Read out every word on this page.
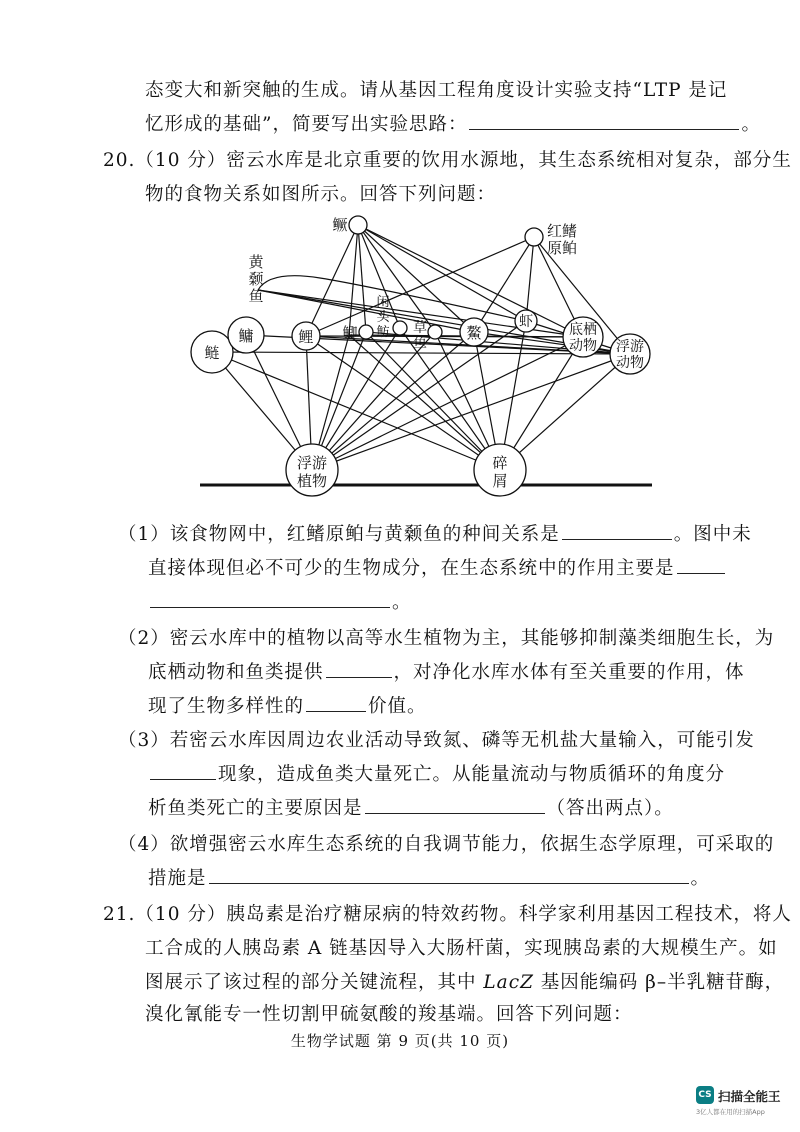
态变大和新突触的生成。请从基因工程角度设计实验支持“LTP 是记
忆形成的基础”，简要写出实验思路：	。
20.（10 分）密云水库是北京重要的饮用水源地，其生态系统相对复杂，部分生
物的食物关系如图所示。回答下列问题：
鳜	红鳍
原鲌
黄
颡
鱼
鲢
鳙	鲤 鲫
闲
头
鲂 草
鱼
鰲
虾	底栖
动物 浮游
动物
浮游
植物
碎
屑
（1）该食物网中，红鳍原鲌与黄颡鱼的种间关系是	。图中未
直接体现但必不可少的生物成分，在生态系统中的作用主要是
。
（2）密云水库中的植物以高等水生植物为主，其能够抑制藻类细胞生长，为
底栖动物和鱼类提供	，对净化水库水体有至关重要的作用，体
现了生物多样性的	价值。
（3）若密云水库因周边农业活动导致氮、磷等无机盐大量输入，可能引发
现象，造成鱼类大量死亡。从能量流动与物质循环的角度分
析鱼类死亡的主要原因是	（答出两点）。
（4）欲增强密云水库生态系统的自我调节能力，依据生态学原理，可采取的
措施是	。
21.（10 分）胰岛素是治疗糖尿病的特效药物。科学家利用基因工程技术，将人
工合成的人胰岛素 A 链基因导入大肠杆菌，实现胰岛素的大规模生产。如
图展示了该过程的部分关键流程，其中 LacZ 基因能编码 β–半乳糖苷酶，
溴化氰能专一性切割甲硫氨酸的羧基端。回答下列问题：
生物学试题 第 9 页(共 10 页)
CS 扫描全能王
3亿人都在用的扫描App
